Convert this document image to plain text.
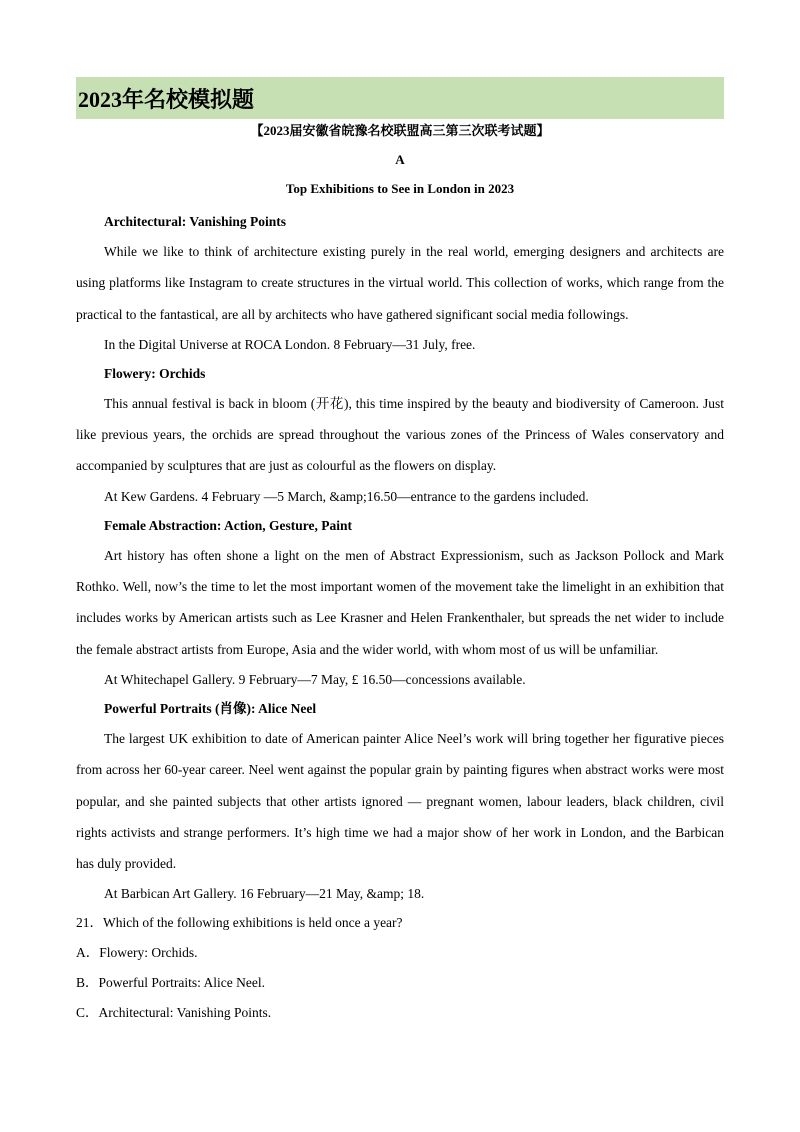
2023年名校模拟题
【2023届安徽省皖豫名校联盟高三第三次联考试题】
A
Top Exhibitions to See in London in 2023

Architectural: Vanishing Points

While we like to think of architecture existing purely in the real world, emerging designers and architects are using platforms like Instagram to create structures in the virtual world. This collection of works, which range from the practical to the fantastical, are all by architects who have gathered significant social media followings.

In the Digital Universe at ROCA London. 8 February—31 July, free.

Flowery: Orchids

This annual festival is back in bloom (开花), this time inspired by the beauty and biodiversity of Cameroon. Just like previous years, the orchids are spread throughout the various zones of the Princess of Wales conservatory and accompanied by sculptures that are just as colourful as the flowers on display.

At Kew Gardens. 4 February —5 March, &amp;16.50—entrance to the gardens included.

Female Abstraction: Action, Gesture, Paint

Art history has often shone a light on the men of Abstract Expressionism, such as Jackson Pollock and Mark Rothko. Well, now’s the time to let the most important women of the movement take the limelight in an exhibition that includes works by American artists such as Lee Krasner and Helen Frankenthaler, but spreads the net wider to include the female abstract artists from Europe, Asia and the wider world, with whom most of us will be unfamiliar.

At Whitechapel Gallery. 9 February—7 May, £ 16.50—concessions available.

Powerful Portraits (肖像): Alice Neel

The largest UK exhibition to date of American painter Alice Neel’s work will bring together her figurative pieces from across her 60-year career. Neel went against the popular grain by painting figures when abstract works were most popular, and she painted subjects that other artists ignored — pregnant women, labour leaders, black children, civil rights activists and strange performers. It’s high time we had a major show of her work in London, and the Barbican has duly provided.

At Barbican Art Gallery. 16 February—21 May, &amp; 18.

21．Which of the following exhibitions is held once a year?

A．Flowery: Orchids.

B．Powerful Portraits: Alice Neel.

C．Architectural: Vanishing Points.
